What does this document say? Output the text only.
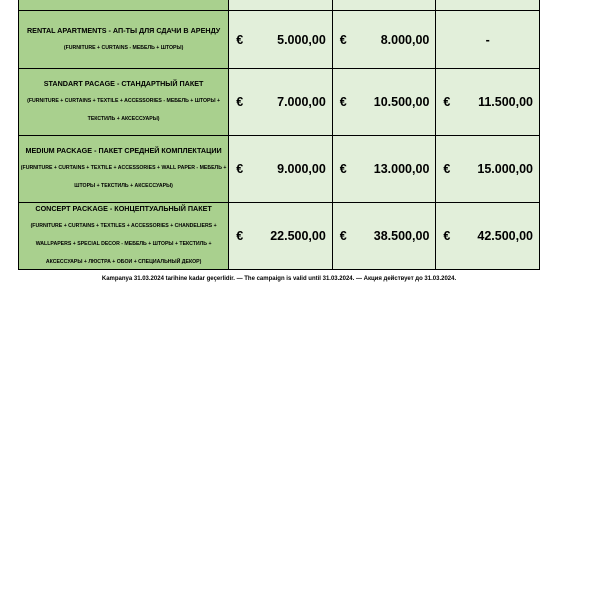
RENTAL APARTMENTS - АП-ТЫ ДЛЯ СДАЧИ В АРЕНДУ
(FURNITURE + CURTAINS - МЕБЕЛЬ + ШТОРЫ)	€ 5.000,00	€ 8.000,00	-

STANDART PACAGE - СТАНДАРТНЫЙ ПАКЕТ
(FURNITURE + CURTAINS + TEXTILE + ACCESSORIES - МЕБЕЛЬ + ШТОРЫ + ТЕКСТИЛЬ + АКСЕССУАРЫ)	€ 7.000,00	€ 10.500,00	€ 11.500,00

MEDIUM PACKAGE - ПАКЕТ СРЕДНЕЙ КОМПЛЕКТАЦИИ
(FURNITURE + CURTAINS + TEXTILE + ACCESSORIES + WALL PAPER - МЕБЕЛЬ + ШТОРЫ + ТЕКСТИЛЬ + АКСЕССУАРЫ)	€ 9.000,00	€ 13.000,00	€ 15.000,00

CONCEPT PACKAGE - КОНЦЕПТУАЛЬНЫЙ ПАКЕТ
(FURNITURE + CURTAINS + TEXTILES + ACCESSORIES + CHANDELIERS + WALLPAPERS + SPECIAL DECOR - МЕБЕЛЬ + ШТОРЫ + ТЕКСТИЛЬ + АКСЕССУАРЫ + ЛЮСТРА + ОБОИ + СПЕЦИАЛЬНЫЙ ДЕКОР)	€ 22.500,00	€ 38.500,00	€ 42.500,00
Kampanya 31.03.2024 tarihine kadar geçerlidir. — The campaign is valid until 31.03.2024. — Акция действует до 31.03.2024.
